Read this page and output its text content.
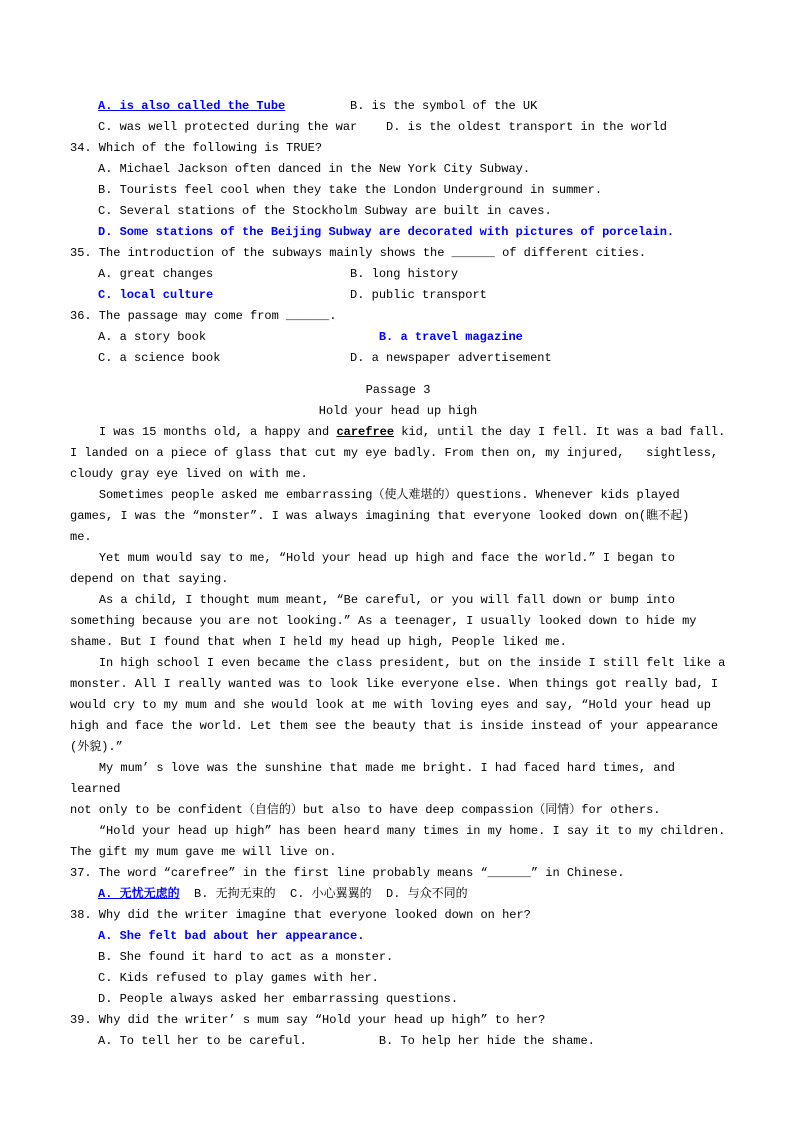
A. is also called the Tube         B. is the symbol of the UK
C. was well protected during the war    D. is the oldest transport in the world
34. Which of the following is TRUE?
A. Michael Jackson often danced in the New York City Subway.
B. Tourists feel cool when they take the London Underground in summer.
C. Several stations of the Stockholm Subway are built in caves.
D. Some stations of the Beijing Subway are decorated with pictures of porcelain.
35. The introduction of the subways mainly shows the ______ of different cities.
A. great changes                   B. long history
C. local culture                   D. public transport
36. The passage may come from ______.
A. a story book                        B. a travel magazine
C. a science book                  D. a newspaper advertisement
Passage 3
Hold your head up high
I was 15 months old, a happy and carefree kid, until the day I fell. It was a bad fall.
I landed on a piece of glass that cut my eye badly. From then on, my injured,   sightless,
cloudy gray eye lived on with me.
Sometimes people asked me embarrassing（使人难堪的）questions. Whenever kids played
games, I was the “monster”. I was always imagining that everyone looked down on(瞧不起)
me.
Yet mum would say to me, “Hold your head up high and face the world.” I began to
depend on that saying.
As a child, I thought mum meant, “Be careful, or you will fall down or bump into
something because you are not looking.” As a teenager, I usually looked down to hide my
shame. But I found that when I held my head up high, People liked me.
In high school I even became the class president, but on the inside I still felt like a
monster. All I really wanted was to look like everyone else. When things got really bad, I
would cry to my mum and she would look at me with loving eyes and say, “Hold your head up
high and face the world. Let them see the beauty that is inside instead of your appearance
(外貌).”
My mum’ s love was the sunshine that made me bright. I had faced hard times, and learned
not only to be confident（自信的）but also to have deep compassion（同情）for others.
“Hold your head up high” has been heard many times in my home. I say it to my children.
The gift my mum gave me will live on.
37. The word “carefree” in the first line probably means “______” in Chinese.
A. 无忧无虑的  B. 无拘无束的  C. 小心翼翼的  D. 与众不同的
38. Why did the writer imagine that everyone looked down on her?
A. She felt bad about her appearance.
B. She found it hard to act as a monster.
C. Kids refused to play games with her.
D. People always asked her embarrassing questions.
39. Why did the writer’ s mum say “Hold your head up high” to her?
A. To tell her to be careful.          B. To help her hide the shame.
